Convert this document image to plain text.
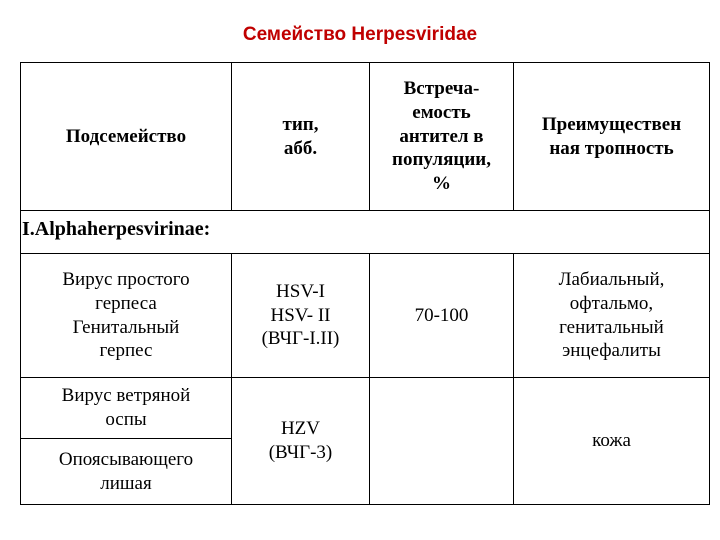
Семейство Herpesviridae
Подсемейство
тип,
абб.
Встреча-
емость
антител в
популяции,
%
Преимуществен
ная тропность
I.Alphaherpesvirinae:
Вирус простого
герпеса
Генитальный
герпес
HSV-I
HSV- II
(ВЧГ-I.II)
70-100
Лабиальный,
офтальмо,
генитальный
энцефалиты
Вирус ветряной
оспы
Опоясывающего
лишая
HZV
(ВЧГ-3)
кожа
